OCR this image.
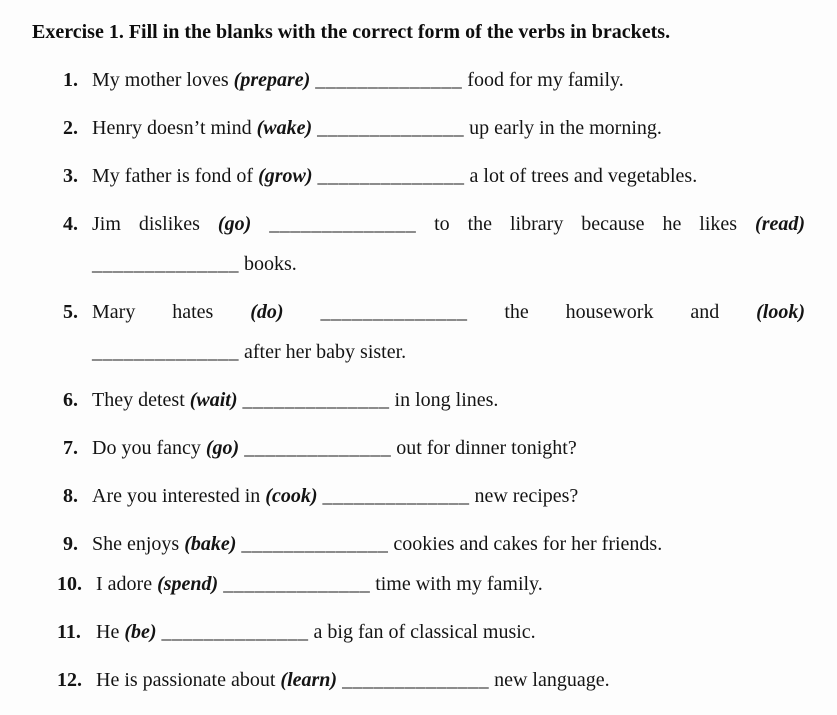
Exercise 1. Fill in the blanks with the correct form of the verbs in brackets.
1. My mother loves (prepare) ______________ food for my family.
2. Henry doesn’t mind (wake) ______________ up early in the morning.
3. My father is fond of (grow) ______________ a lot of trees and vegetables.
4. Jim dislikes (go) ______________ to the library because he likes (read)
______________ books.
5. Mary hates (do) ______________ the housework and (look)
______________ after her baby sister.
6. They detest (wait) ______________ in long lines.
7. Do you fancy (go) ______________ out for dinner tonight?
8. Are you interested in (cook) ______________ new recipes?
9. She enjoys (bake) ______________ cookies and cakes for her friends.
10. I adore (spend) ______________ time with my family.
11. He (be) ______________ a big fan of classical music.
12. He is passionate about (learn) ______________ new language.
